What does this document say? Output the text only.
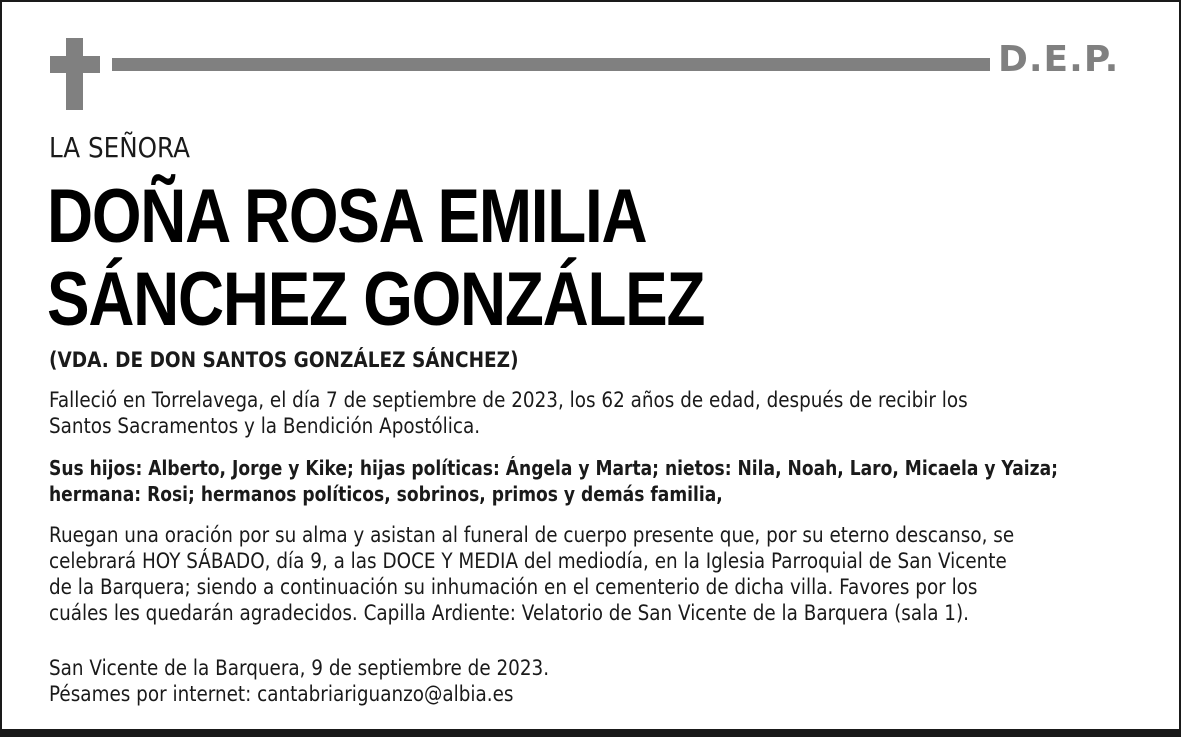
D.E.P.
LA SEÑORA
DOÑA ROSA EMILIA
SÁNCHEZ GONZÁLEZ
(VDA. DE DON SANTOS GONZÁLEZ SÁNCHEZ)
Falleció en Torrelavega, el día 7 de septiembre de 2023, los 62 años de edad, después de recibir los
Santos Sacramentos y la Bendición Apostólica.
Sus hijos: Alberto, Jorge y Kike; hijas políticas: Ángela y Marta; nietos: Nila, Noah, Laro, Micaela y Yaiza;
hermana: Rosi; hermanos políticos, sobrinos, primos y demás familia,
Ruegan una oración por su alma y asistan al funeral de cuerpo presente que, por su eterno descanso, se
celebrará HOY SÁBADO, día 9, a las DOCE Y MEDIA del mediodía, en la Iglesia Parroquial de San Vicente
de la Barquera; siendo a continuación su inhumación en el cementerio de dicha villa. Favores por los
cuáles les quedarán agradecidos. Capilla Ardiente: Velatorio de San Vicente de la Barquera (sala 1).
San Vicente de la Barquera, 9 de septiembre de 2023.
Pésames por internet: cantabriariguanzo@albia.es
